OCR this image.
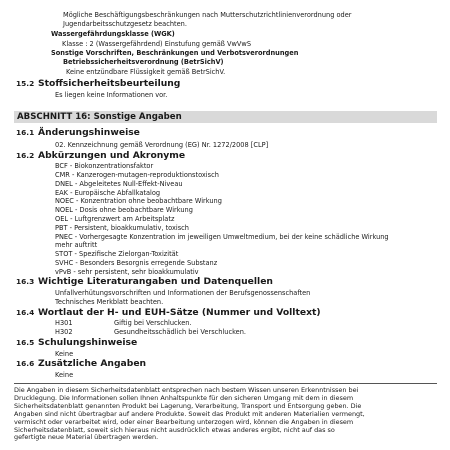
Mögliche Beschäftigungsbeschränkungen nach Mutterschutzrichtlinienverordnung oder
Jugendarbeitsschutzgesetz beachten.
Wassergefährdungsklasse (WGK)
Klasse : 2 (Wassergefährdend) Einstufung gemäß VwVwS
Sonstige Vorschriften, Beschränkungen und Verbotsverordnungen
Betriebssicherheitsverordnung (BetrSichV)
Keine entzündbare Flüssigkeit gemäß BetrSichV.
15.2 Stoffsicherheitsbeurteilung
Es liegen keine Informationen vor.
ABSCHNITT 16: Sonstige Angaben
16.1 Änderungshinweise
02. Kennzeichnung gemäß Verordnung (EG) Nr. 1272/2008 [CLP]
16.2 Abkürzungen und Akronyme
BCF - Biokonzentrationsfaktor
CMR - Kanzerogen-mutagen-reproduktionstoxisch
DNEL - Abgeleitetes Null-Effekt-Niveau
EAK - Europäische Abfallkatalog
NOEC - Konzentration ohne beobachtbare Wirkung
NOEL - Dosis ohne beobachtbare Wirkung
OEL - Luftgrenzwert am Arbeitsplatz
PBT - Persistent, bioakkumulativ, toxisch
PNEC - Vorhergesagte Konzentration im jeweiligen Umweltmedium, bei der keine schädliche Wirkung
mehr auftritt
STOT - Spezifische Zielorgan-Toxizität
SVHC - Besonders Besorgnis erregende Substanz
vPvB - sehr persistent, sehr bioakkumulativ
16.3 Wichtige Literaturangaben und Datenquellen
Unfallverhütungsvorschriften und Informationen der Berufsgenossenschaften
Technisches Merkblatt beachten.
16.4 Wortlaut der H- und EUH-Sätze (Nummer und Volltext)
H301	Giftig bei Verschlucken.
H302	Gesundheitsschädlich bei Verschlucken.
16.5 Schulungshinweise
Keine
16.6 Zusätzliche Angaben
Keine
Die Angaben in diesem Sicherheitsdatenblatt entsprechen nach bestem Wissen unseren Erkenntnissen bei
Drucklegung. Die Informationen sollen Ihnen Anhaltspunkte für den sicheren Umgang mit dem in diesem
Sicherheitsdatenblatt genannten Produkt bei Lagerung, Verarbeitung, Transport und Entsorgung geben. Die
Angaben sind nicht übertragbar auf andere Produkte. Soweit das Produkt mit anderen Materialien vermengt,
vermischt oder verarbeitet wird, oder einer Bearbeitung unterzogen wird, können die Angaben in diesem
Sicherheitsdatenblatt, soweit sich hieraus nicht ausdrücklich etwas anderes ergibt, nicht auf das so
gefertigte neue Material übertragen werden.
